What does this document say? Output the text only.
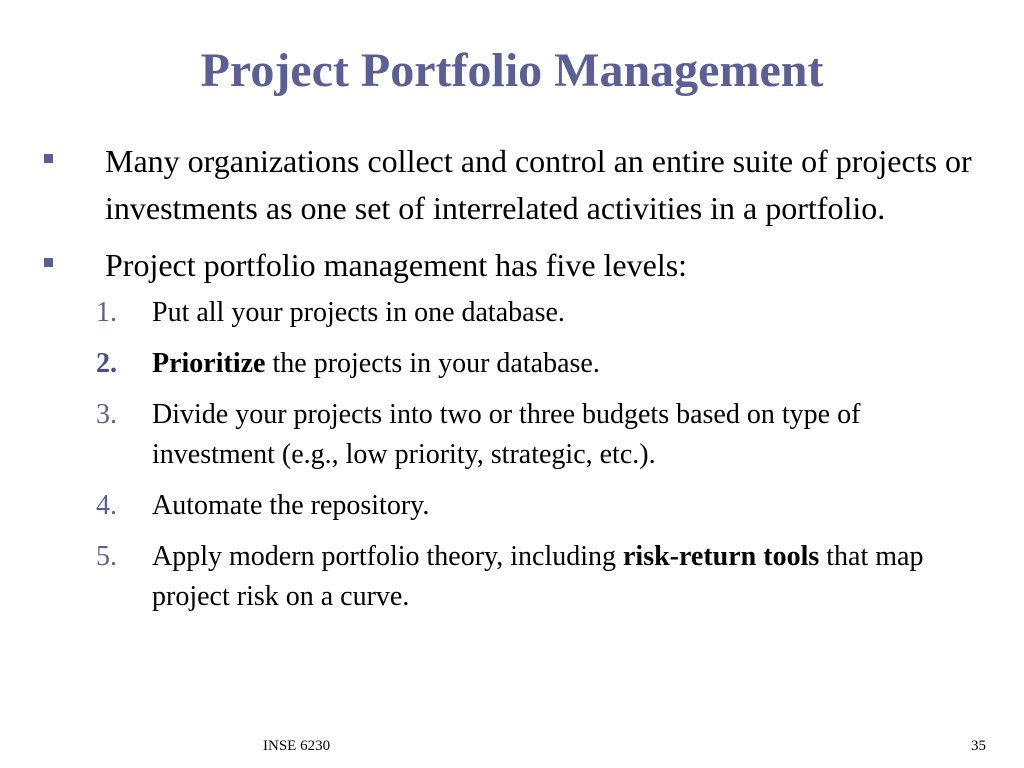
Project Portfolio Management
Many organizations collect and control an entire suite of projects or investments as one set of interrelated activities in a portfolio.
Project portfolio management has five levels:
1. Put all your projects in one database.
2. Prioritize the projects in your database.
3. Divide your projects into two or three budgets based on type of investment (e.g., low priority, strategic, etc.).
4. Automate the repository.
5. Apply modern portfolio theory, including risk-return tools that map project risk on a curve.
INSE 6230	35
